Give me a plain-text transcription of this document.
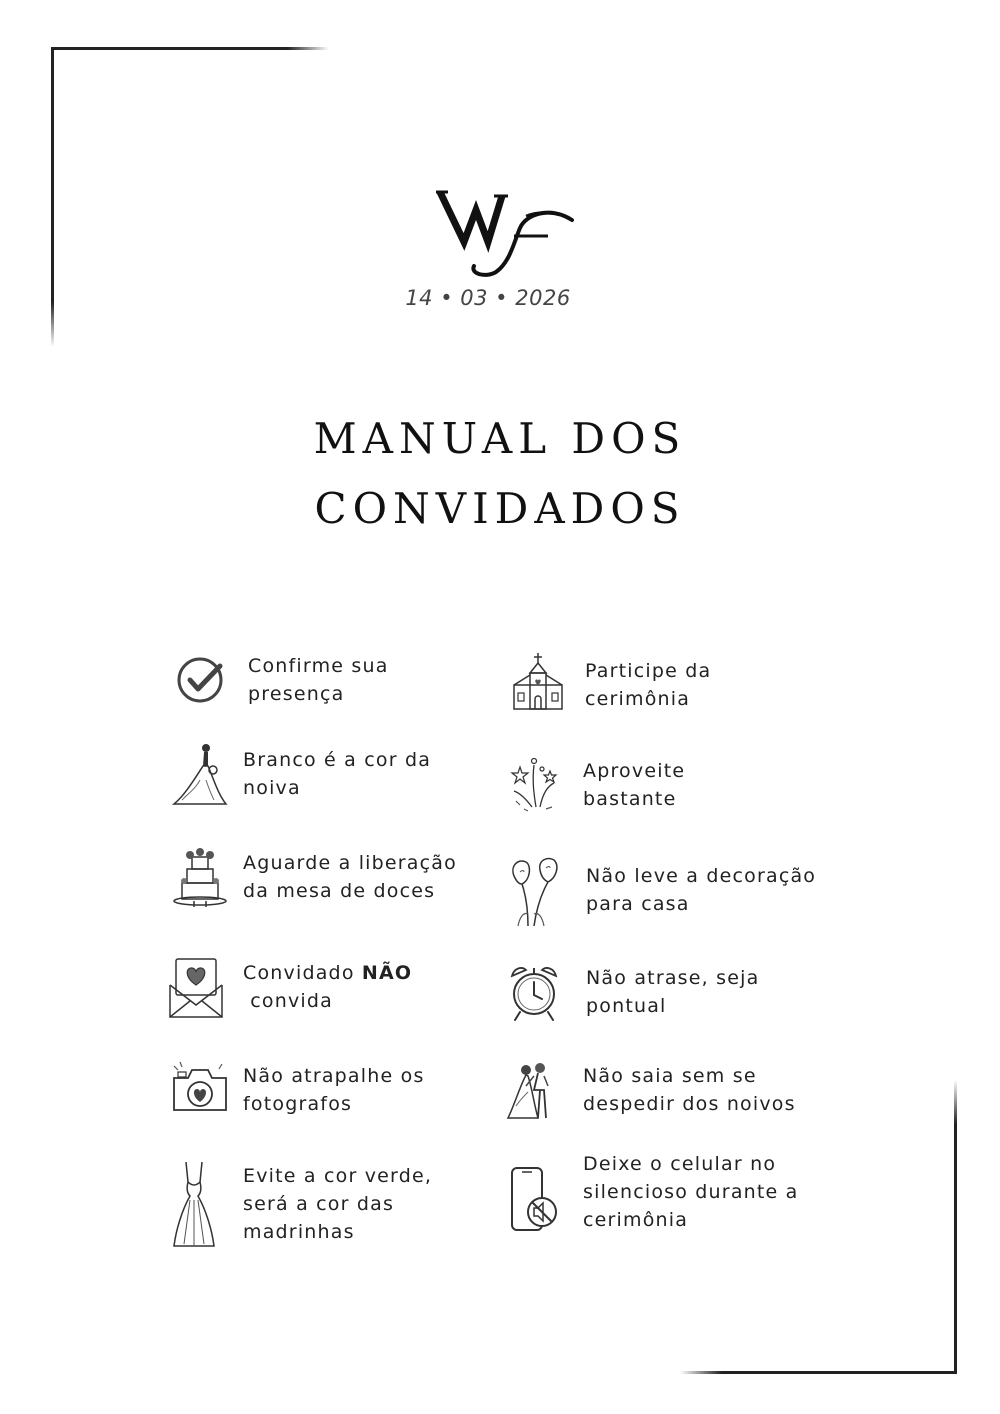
14 • 03 • 2026
MANUAL DOS
CONVIDADOS
Confirme sua
presença
Branco é a cor da
noiva
Aguarde a liberação
da mesa de doces
Convidado NÃO
convida
Não atrapalhe os
fotografos
Evite a cor verde,
será a cor das
madrinhas
Participe da
cerimônia
Aproveite
bastante
Não leve a decoração
para casa
Não atrase, seja
pontual
Não saia sem se
despedir dos noivos
Deixe o celular no
silencioso durante a
cerimônia
